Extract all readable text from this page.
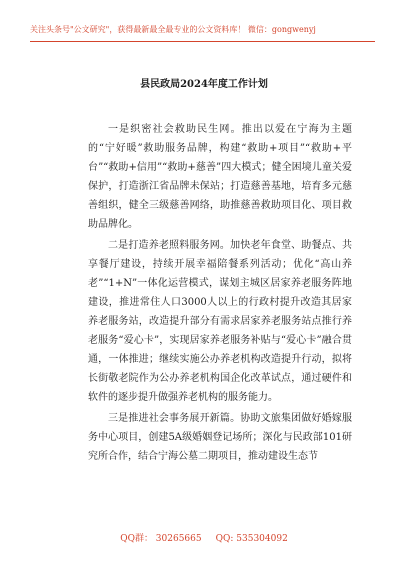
关注头条号"公文研究"，获得最新最全最专业的公文资料库！ 微信：gongwenyj
县民政局2024年度工作计划

一是织密社会救助民生网。推出以爱在宁海为主题的“宁好暖”救助服务品牌，构建“救助+项目”“救助+平台”“救助+信用”“救助+慈善”四大模式；健全困境儿童关爱保护，打造浙江省品牌未保站；打造慈善基地，培育多元慈善组织，健全三级慈善网络，助推慈善救助项目化、项目救助品牌化。

二是打造养老照料服务网。加快老年食堂、助餐点、共享餐厅建设，持续开展幸福陪餐系列活动；优化“高山养老”“1+N”一体化运营模式，谋划主城区居家养老服务阵地建设，推进常住人口3000人以上的行政村提升改造其居家养老服务站，改造提升部分有需求居家养老服务站点推行养老服务“爱心卡”，实现居家养老服务补贴与“爱心卡”融合贯通，一体推进；继续实施公办养老机构改造提升行动，拟将长街敬老院作为公办养老机构国企化改革试点，通过硬件和软件的逐步提升做强养老机构的服务能力。

三是推进社会事务展开新篇。协助文旅集团做好婚嫁服务中心项目，创建5A级婚姻登记场所；深化与民政部101研究所合作，结合宁海公墓二期项目，推动建设生态节

QQ群： 30265665 QQ: 535304092
